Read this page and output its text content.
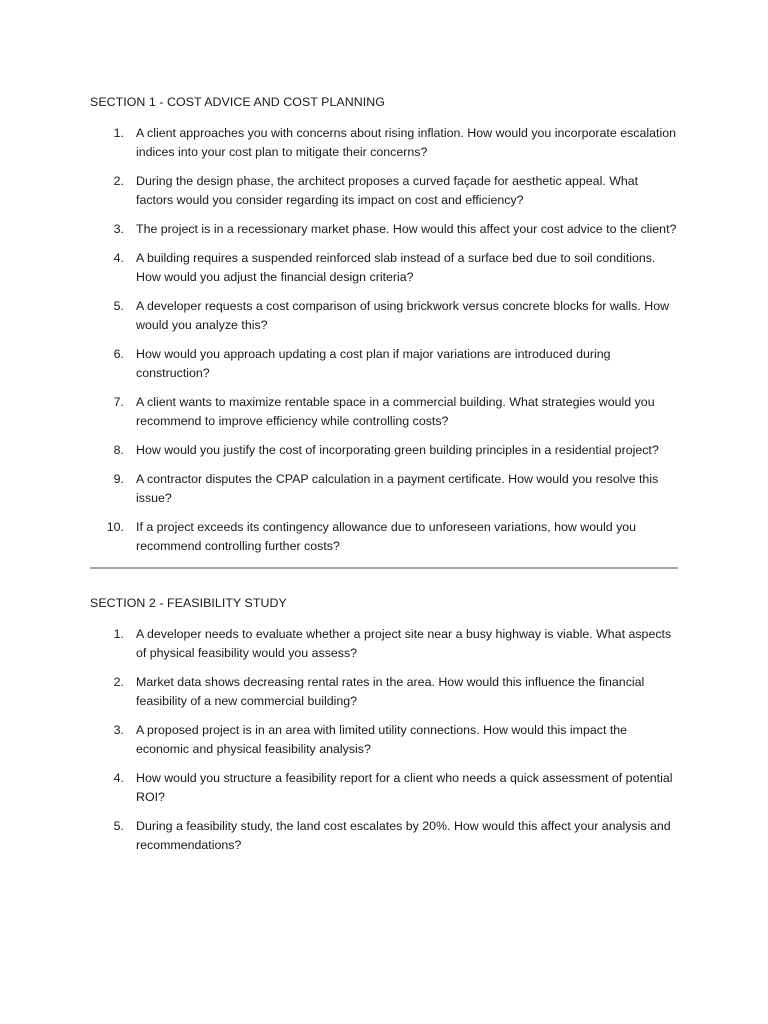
SECTION 1 - COST ADVICE AND COST PLANNING
1. A client approaches you with concerns about rising inflation. How would you incorporate escalation indices into your cost plan to mitigate their concerns?
2. During the design phase, the architect proposes a curved façade for aesthetic appeal. What factors would you consider regarding its impact on cost and efficiency?
3. The project is in a recessionary market phase. How would this affect your cost advice to the client?
4. A building requires a suspended reinforced slab instead of a surface bed due to soil conditions. How would you adjust the financial design criteria?
5. A developer requests a cost comparison of using brickwork versus concrete blocks for walls. How would you analyze this?
6. How would you approach updating a cost plan if major variations are introduced during construction?
7. A client wants to maximize rentable space in a commercial building. What strategies would you recommend to improve efficiency while controlling costs?
8. How would you justify the cost of incorporating green building principles in a residential project?
9. A contractor disputes the CPAP calculation in a payment certificate. How would you resolve this issue?
10. If a project exceeds its contingency allowance due to unforeseen variations, how would you recommend controlling further costs?
SECTION 2 - FEASIBILITY STUDY
1. A developer needs to evaluate whether a project site near a busy highway is viable. What aspects of physical feasibility would you assess?
2. Market data shows decreasing rental rates in the area. How would this influence the financial feasibility of a new commercial building?
3. A proposed project is in an area with limited utility connections. How would this impact the economic and physical feasibility analysis?
4. How would you structure a feasibility report for a client who needs a quick assessment of potential ROI?
5. During a feasibility study, the land cost escalates by 20%. How would this affect your analysis and recommendations?
